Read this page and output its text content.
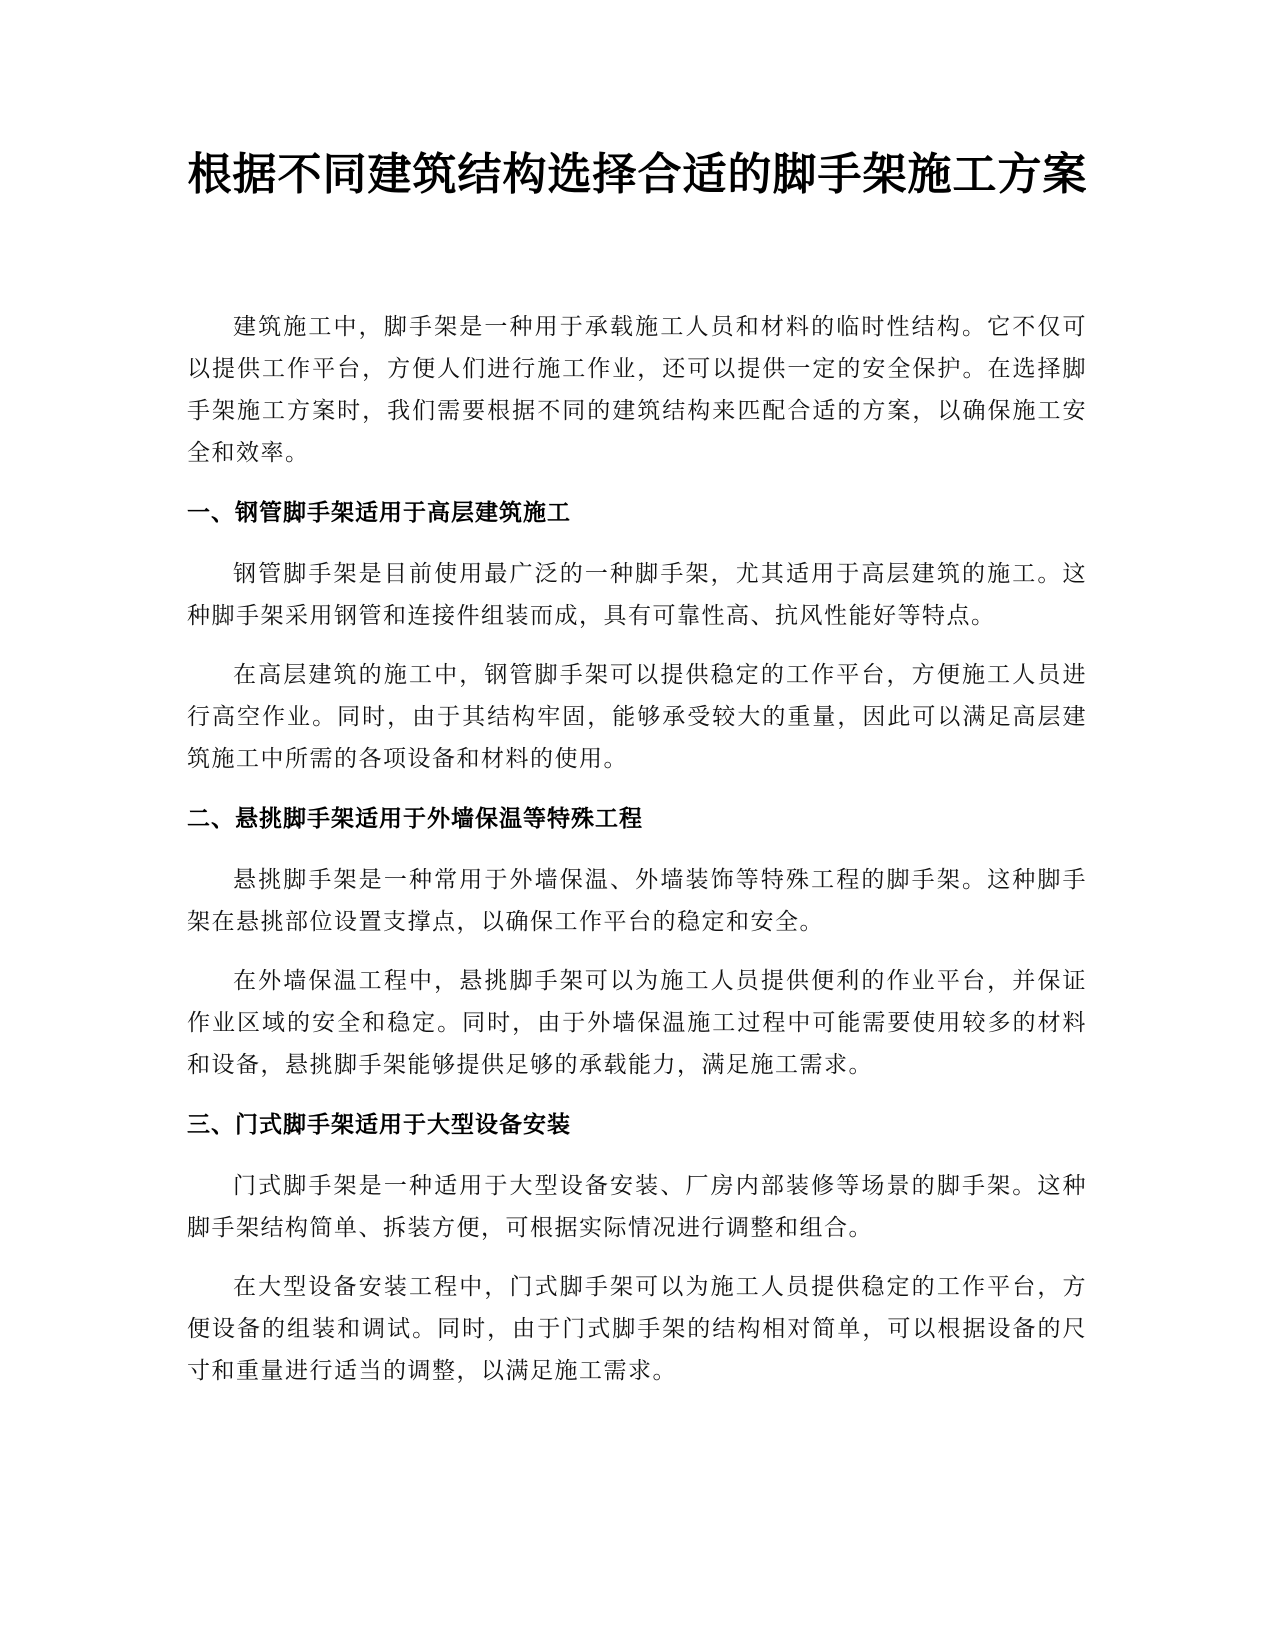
根据不同建筑结构选择合适的脚手架施工方案

建筑施工中，脚手架是一种用于承载施工人员和材料的临时性结构。它不仅可以提供工作平台，方便人们进行施工作业，还可以提供一定的安全保护。在选择脚手架施工方案时，我们需要根据不同的建筑结构来匹配合适的方案，以确保施工安全和效率。

一、钢管脚手架适用于高层建筑施工

钢管脚手架是目前使用最广泛的一种脚手架，尤其适用于高层建筑的施工。这种脚手架采用钢管和连接件组装而成，具有可靠性高、抗风性能好等特点。

在高层建筑的施工中，钢管脚手架可以提供稳定的工作平台，方便施工人员进行高空作业。同时，由于其结构牢固，能够承受较大的重量，因此可以满足高层建筑施工中所需的各项设备和材料的使用。

二、悬挑脚手架适用于外墙保温等特殊工程

悬挑脚手架是一种常用于外墙保温、外墙装饰等特殊工程的脚手架。这种脚手架在悬挑部位设置支撑点，以确保工作平台的稳定和安全。

在外墙保温工程中，悬挑脚手架可以为施工人员提供便利的作业平台，并保证作业区域的安全和稳定。同时，由于外墙保温施工过程中可能需要使用较多的材料和设备，悬挑脚手架能够提供足够的承载能力，满足施工需求。

三、门式脚手架适用于大型设备安装

门式脚手架是一种适用于大型设备安装、厂房内部装修等场景的脚手架。这种脚手架结构简单、拆装方便，可根据实际情况进行调整和组合。

在大型设备安装工程中，门式脚手架可以为施工人员提供稳定的工作平台，方便设备的组装和调试。同时，由于门式脚手架的结构相对简单，可以根据设备的尺寸和重量进行适当的调整，以满足施工需求。
